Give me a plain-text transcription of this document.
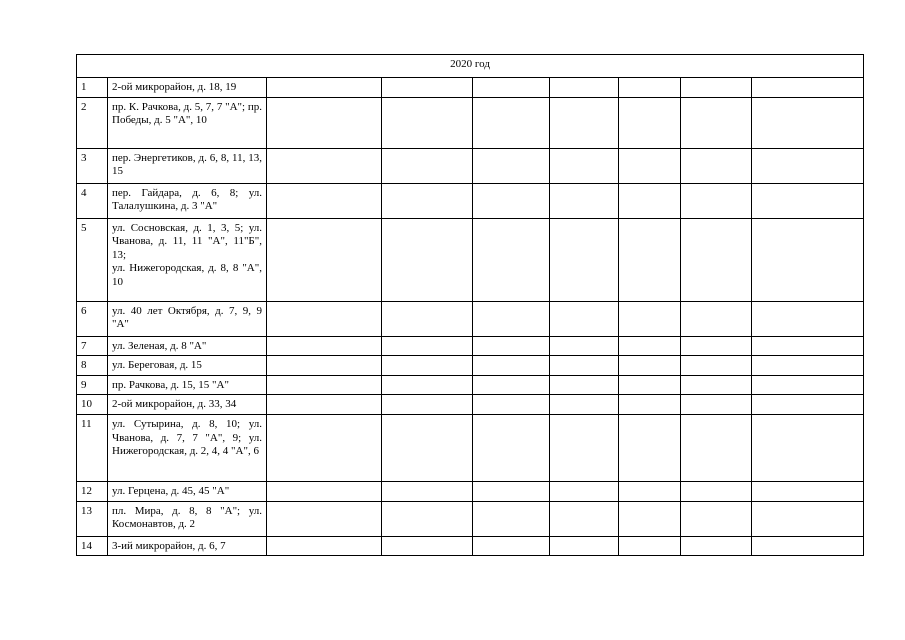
2020 год								
1	2-ой микрорайон, д. 18, 19							
2	пр. К. Рачкова, д. 5, 7, 7 "А"; пр. Победы, д. 5 "А", 10							
3	пер. Энергетиков, д. 6, 8, 11, 13, 15							
4	пер. Гайдара, д. 6, 8; ул. Талалушкина, д. 3 "А"							
5	ул. Сосновская, д. 1, 3, 5; ул. Чванова, д. 11, 11 "А", 11"Б", 13;
ул. Нижегородская, д. 8, 8 "А", 10							
6	ул. 40 лет Октября, д. 7, 9, 9 "А"							
7	ул. Зеленая, д. 8 "А"							
8	ул. Береговая, д. 15							
9	пр. Рачкова, д. 15, 15 "А"							
10	2-ой микрорайон, д. 33, 34							
11	ул. Сутырина, д. 8, 10; ул. Чванова, д. 7, 7 "А", 9; ул. Нижегородская, д. 2, 4, 4 "А", 6							
12	ул. Герцена, д. 45, 45 "А"							
13	пл. Мира, д. 8, 8 "А"; ул. Космонавтов, д. 2							
14	3-ий микрорайон, д. 6, 7							
